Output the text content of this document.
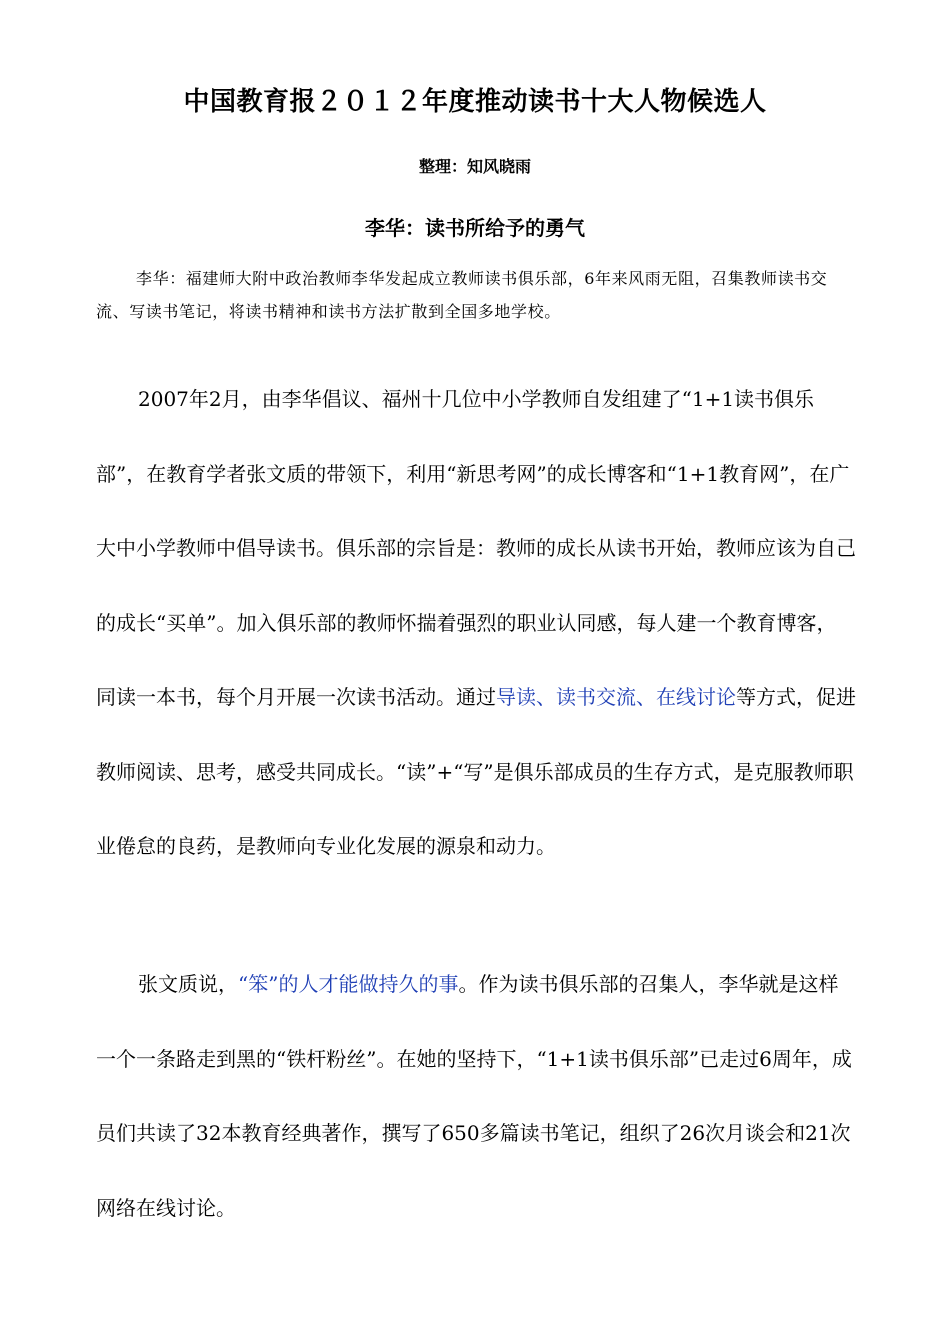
中国教育报２０１２年度推动读书十大人物候选人
整理：知风晓雨
李华：读书所给予的勇气
李华：福建师大附中政治教师李华发起成立教师读书俱乐部，6年来风雨无阻，召集教师读书交流、写读书笔记，将读书精神和读书方法扩散到全国多地学校。

2007年2月，由李华倡议、福州十几位中小学教师自发组建了“1+1读书俱乐部”，在教育学者张文质的带领下，利用“新思考网”的成长博客和“1+1教育网”，在广大中小学教师中倡导读书。俱乐部的宗旨是：教师的成长从读书开始，教师应该为自己的成长“买单”。加入俱乐部的教师怀揣着强烈的职业认同感，每人建一个教育博客，同读一本书，每个月开展一次读书活动。通过导读、读书交流、在线讨论等方式，促进教师阅读、思考，感受共同成长。“读”+“写”是俱乐部成员的生存方式，是克服教师职业倦怠的良药，是教师向专业化发展的源泉和动力。

张文质说，“笨”的人才能做持久的事。作为读书俱乐部的召集人，李华就是这样一个一条路走到黑的“铁杆粉丝”。在她的坚持下，“1+1读书俱乐部”已走过6周年，成员们共读了32本教育经典著作，撰写了650多篇读书笔记，组织了26次月谈会和21次网络在线讨论。
